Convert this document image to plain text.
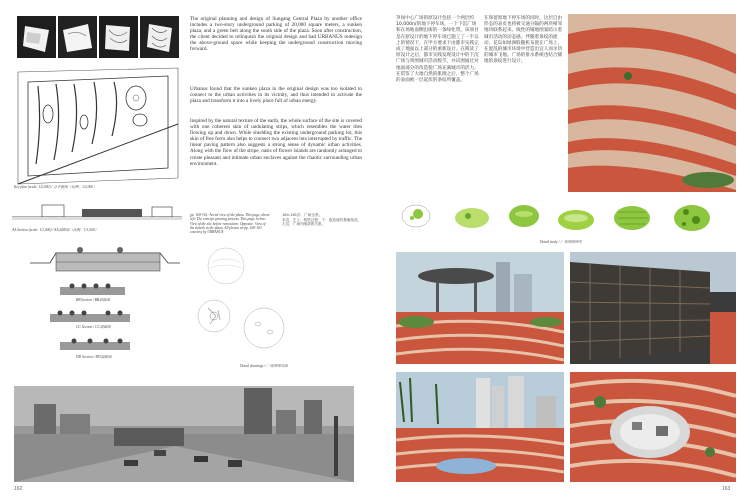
Key plan (scale: 1/2,000) / 总平面图（比例：1/2,000）
AA Section (scale: 1/1,000) / AA剖面图（比例：1/1,000）
BB Section / BB剖面图
CC Section / CC剖面图
DD Section / DD剖面图
The original planning and design of Sungang Central Plaza by another office includes a two-story underground parking of 20,000 square meters, a sunken plaza, and a green belt along the south side of the plaza. Soon after construction, the client decided to relinquish the original design and had URBANUS redesign the above-ground space while keeping the underground construction moving forward.
Urbanus found that the sunken plaza in the original design was too isolated to connect to the urban activities in its vicinity, and thus intended to activate the plaza and transform it into a lively place full of urban energy.
Inspired by the natural texture of the earth, the whole surface of the site is covered with one coherent skin of undulating strips, which resembles the water tiles flowing up and down. While shedding the existing underground parking lot, this skin of free form also helps to connect two adjacent lots interrupted by traffic. The linear paving pattern also suggests a strong sense of dynamic urban activities. Along with the flow of the stripe, oasis of flower islands are randomly arranged to create pleasant and intimate urban enclaves against the chaotic surrounding urban environment.
pp. 160-161: Aerial view of the plaza. This page, above left: The concept growing process. This page, below: View of the site before renovation. Opposite: View of the details in the plaza. All photos on pp. 160-163 courtesy by URBANUS
160-161页：广场全景。
本页，左上：构思过程；下：改造前的基地现况。
左页，广场内细部的关系。
Detail drawings / 广场细部草图
162
笋岗中心广场的原设计包括一个两层约10,000㎡的地下停车场，一个下沉广场和在场地南侧沿街的一条绿化带。该项目是在原设计的地下停车场已施工了一半以上的情况下，在甲方要求下由都市实践完成了地面以上部分的重新设计。在阅读了原设计之后，都市实践发现设计中的下沉广场与周围城市活动脱节，并试图通过对地面部分的改造使广场充满城市的活力。在借鉴了大地自然的肌理之后，整个广场的表面被一层起伏的条纹所覆盖。
在保留原地下停车场的同时，这层自由形态的表皮也将被交通分隔的两块相邻地块联系起来。线性的铺地图案暗示着城市活动的动态感。伴随着条纹的流动，花岛如绿洲般随机布置在广场上，在混乱的城市环境中营造出宜人而亲切的城市飞地。广场的排水系统也结合铺地的条纹进行设计。
Detail study / 广场细部研究
163
